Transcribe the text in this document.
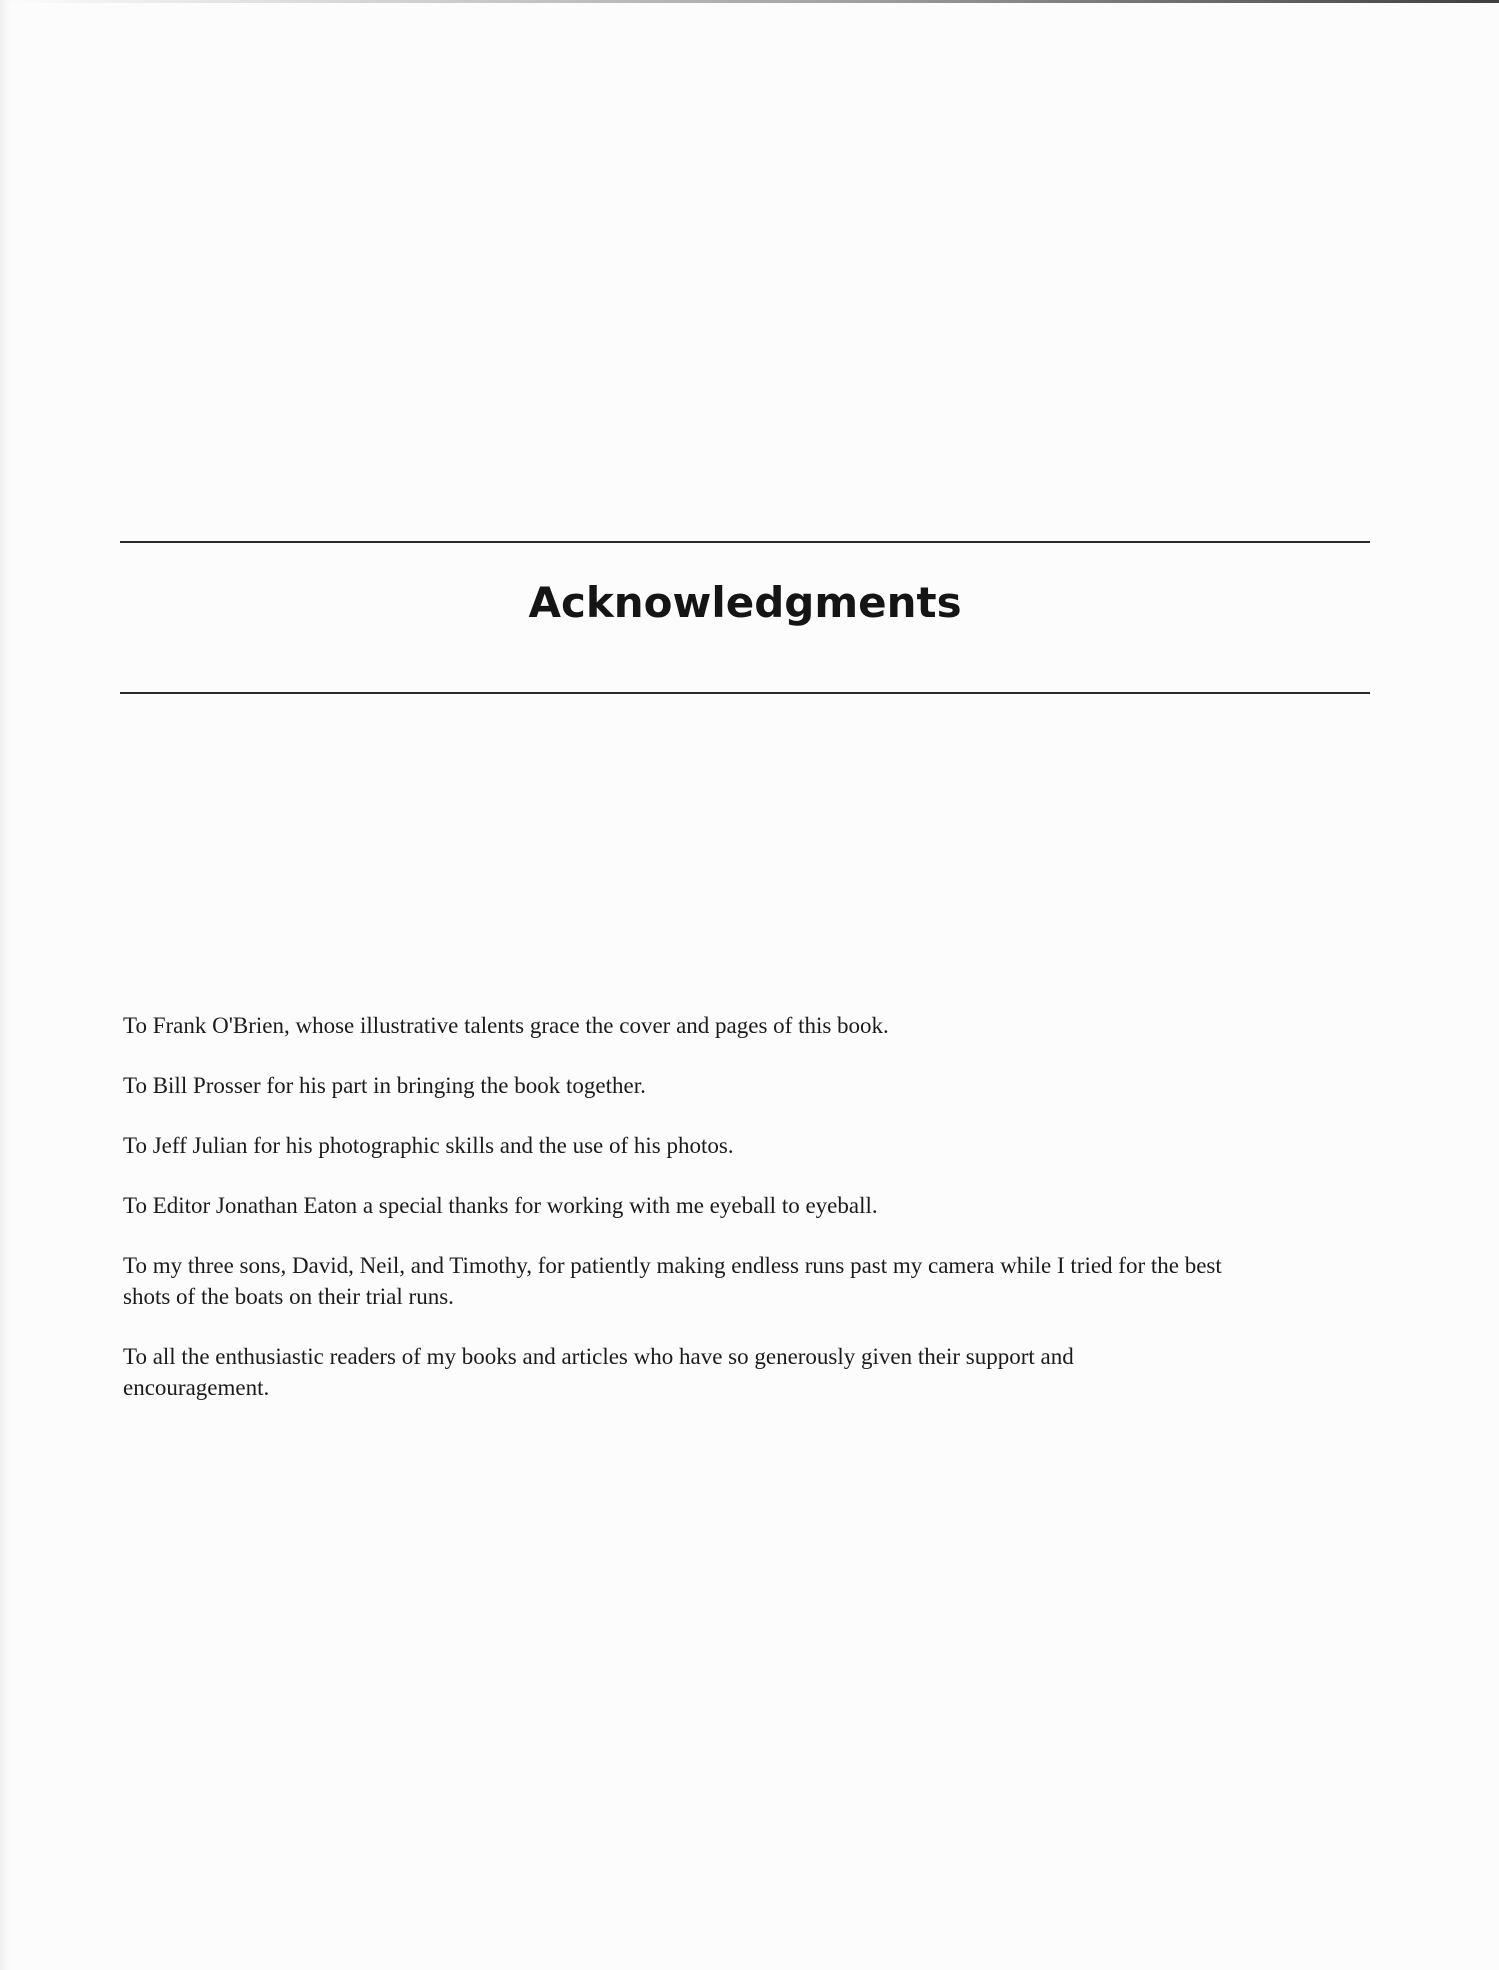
Acknowledgments
To Frank O'Brien, whose illustrative talents grace the cover and pages of this book.
To Bill Prosser for his part in bringing the book together.
To Jeff Julian for his photographic skills and the use of his photos.
To Editor Jonathan Eaton a special thanks for working with me eyeball to eyeball.
To my three sons, David, Neil, and Timothy, for patiently making endless runs past my camera while I tried for the best shots of the boats on their trial runs.
To all the enthusiastic readers of my books and articles who have so generously given their support and encouragement.
